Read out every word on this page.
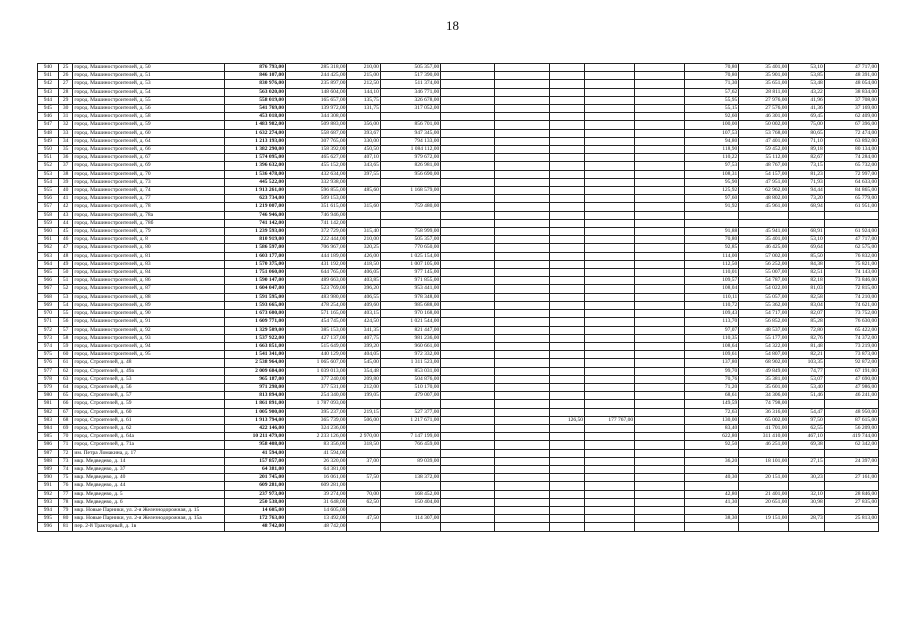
18
940	25	город. Машиностроителей, д. 50	876 793,00	285 318,00	210,00	505 357,00						70,80	35 401,00	53,10	47 717,00
941	26	город. Машиностроителей, д. 51	846 107,00	244 425,00	215,00	517 390,00						70,80	35 901,00	53,85	48 391,00
942	27	город. Машиностроителей, д. 53	830 976,00	235 897,00	212,50	511 374,00						71,30	35 651,00	53,48	48 054,00
943	28	город. Машиностроителей, д. 54	563 020,00	148 604,00	144,10	346 771,00						57,62	28 811,00	43,22	38 834,00
944	29	город. Машиностроителей, д. 55	558 019,00	165 657,00	135,75	326 678,00						55,95	27 976,00	41,96	37 708,00
945	30	город. Машиностроителей, д. 56	541 769,00	139 972,00	131,75	317 052,00						55,15	27 576,00	41,36	37 169,00
946	31	город. Машиностроителей, д. 58	453 018,00	344 308,00								92,60	46 301,00	69,45	62 409,00
947	32	город. Машиностроителей, д. 59	1 483 982,00	509 883,00	356,00	856 701,00						100,00	50 002,00	75,00	67 396,00
948	33	город. Машиностроителей, д. 60	1 632 274,00	558 687,00	393,67	947 345,00						107,53	53 768,00	80,65	72 474,00
949	34	город. Машиностроителей, д. 64	1 213 193,00	307 765,00	330,00	794 133,00						94,80	47 401,00	71,10	63 892,00
950	35	город. Машиностроителей, д. 66	1 382 290,00	158 392,00	450,50	1 084 112,00						118,90	59 452,00	89,18	80 134,00
951	36	город. Машиностроителей, д. 67	1 574 095,00	465 627,00	407,10	979 672,00						110,22	55 112,00	82,67	74 284,00
952	37	город. Машиностроителей, д. 69	1 396 632,00	455 152,00	343,65	826 981,00						97,53	48 767,00	73,15	65 732,00
953	38	город. Машиностроителей, д. 70	1 536 478,00	432 634,00	397,55	956 690,00						108,31	54 157,00	81,23	72 997,00
954	39	город. Машиностроителей, д. 73	445 522,00	332 938,00								95,90	47 951,00	71,93	64 633,00
955	40	город. Машиностроителей, д. 74	1 913 261,00	596 855,00	485,60	1 168 579,00						125,92	62 962,00	94,44	84 865,00
956	41	город. Машиностроителей, д. 77	623 734,00	509 153,00								97,60	48 802,00	73,20	65 779,00
957	42	город. Машиностроителей, д. 78	1 219 007,00	351 615,00	315,60	759 480,00						91,92	45 961,00	68,94	61 951,00
958	43	город. Машиностроителей, д. 78а	746 946,00	746 946,00											
959	44	город. Машиностроителей, д. 78б	741 142,00	741 142,00											
960	45	город. Машиностроителей, д. 79	1 239 593,00	372 729,00	315,40	758 999,00						91,88	45 941,00	68,91	61 924,00
961	46	город. Машиностроителей, д. 8	810 919,00	222 444,00	210,00	505 357,00						70,80	35 401,00	53,10	47 717,00
962	47	город. Машиностроителей, д. 80	1 586 597,00	706 967,00	320,25	770 650,00						92,85	46 425,00	69,64	62 575,00
963	48	город. Машиностроителей, д. 81	1 603 177,00	444 189,00	426,00	1 025 154,00						114,00	57 002,00	85,50	76 832,00
964	49	город. Машиностроителей, д. 83	1 570 375,00	431 192,00	418,50	1 007 105,00						112,50	56 252,00	84,38	75 821,00
965	50	город. Машиностроителей, д. 84	1 751 060,00	644 765,00	406,05	977 145,00						110,01	55 007,00	82,51	74 143,00
966	51	город. Машиностроителей, д. 86	1 590 147,00	489 663,00	403,85	971 855,00						109,57	54 787,00	82,18	73 846,00
967	52	город. Машиностроителей, д. 87	1 604 047,00	523 769,00	396,20	953 441,00						108,04	54 022,00	81,03	72 815,00
968	53	город. Машиностроителей, д. 88	1 591 595,00	483 980,00	406,55	978 348,00						110,11	55 057,00	82,58	74 210,00
969	54	город. Машиностроителей, д. 89	1 593 665,00	478 254,00	409,60	985 688,00						110,72	55 362,00	83,04	74 621,00
970	55	город. Машиностроителей, д. 90	1 673 600,00	571 165,00	403,15	970 168,00						109,43	54 717,00	82,07	73 752,00
971	56	город. Машиностроителей, д. 91	1 609 771,00	454 745,00	424,50	1 021 544,00						113,70	56 852,00	85,28	76 630,00
972	57	город. Машиностроителей, д. 92	1 329 509,00	385 153,00	341,35	821 447,00						97,07	48 537,00	72,80	65 422,00
973	58	город. Машиностроителей, д. 93	1 537 922,00	427 137,00	407,75	981 236,00						110,35	55 177,00	82,76	74 372,00
974	59	город. Машиностроителей, д. 94	1 663 851,00	515 649,00	399,20	960 661,00						108,64	54 322,00	81,48	73 219,00
975	60	город. Машиностроителей, д. 95	1 541 341,00	440 129,00	404,05	972 332,00						109,61	54 807,00	82,21	73 873,00
976	61	город. Строителей, д. 48	2 538 964,00	1 065 607,00	545,00	1 311 523,00						137,80	68 902,00	103,35	92 872,00
977	62	город. Строителей, д. 49а	2 009 684,00	1 039 013,00	354,48	853 031,00						99,70	49 849,00	74,77	67 191,00
978	63	город. Строителей, д. 53	965 187,00	377 240,00	209,80	504 876,00						70,76	35 381,00	53,07	47 690,00
979	64	город. Строителей, д. 56	971 298,00	377 531,00	212,00	510 170,00						71,20	35 601,00	53,40	47 986,00
980	65	город. Строителей, д. 57	813 894,00	254 340,00	199,05	479 007,00						68,61	34 306,00	51,46	46 241,00
981	66	город. Строителей, д. 59	1 861 891,00	1 787 093,00								149,59	74 798,00		
982	67	город. Строителей, д. 60	1 005 900,00	395 237,00	219,15	527 377,00						72,63	36 316,00	54,47	48 950,00
983	68	город. Строителей, д. 61	1 913 794,00	365 739,00	506,00	1 217 671,00			126,50	177 767,00		130,00	65 002,00	97,50	87 615,00
984	69	город. Строителей, д. 62	422 146,00	324 236,00								83,40	41 701,00	62,55	56 209,00
985	70	город. Строителей, д. 64а	10 211 479,00	2 233 126,00	2 970,00	7 147 199,00						622,80	311 410,00	467,10	419 744,00
986	71	город. Строителей, д. 71а	958 408,00	83 356,00	318,50	766 459,00						92,50	46 251,00	69,38	62 342,00
987	72	им. Петра Ломакина, д. 17	41 594,00	41 594,00											
988	73	мкр. Медведево, д. 14	157 857,00	26 320,00	37,00	89 039,00						36,20	18 101,00	27,15	24 397,00
989	74	мкр. Медведево, д. 37	64 381,00	64 381,00											
990	75	мкр. Медведево, д. 40	201 745,00	16 061,00	57,50	138 372,00						40,30	20 151,00	30,23	27 161,00
991	76	мкр. Медведево, д. 44	609 281,00	609 281,00											
992	77	мкр. Медведево, д. 5	237 973,00	39 274,00	70,00	168 452,00						42,80	21 401,00	32,10	28 846,00
993	78	мкр. Медведево, д. 6	250 538,00	31 648,00	62,50	150 404,00						41,30	20 651,00	30,98	27 835,00
994	79	мкр. Новые Парники, ул. 2-я Железнодорожная, д. 15	14 605,00	14 605,00											
995	80	мкр. Новые Парники, ул. 2-я Железнодорожная, д. 15а	172 763,00	13 492,00	47,50	114 307,00						38,30	19 151,00	28,73	25 813,00
996	81	пер. 2-й Тракторный, д. 1в	48 742,00	48 742,00											
